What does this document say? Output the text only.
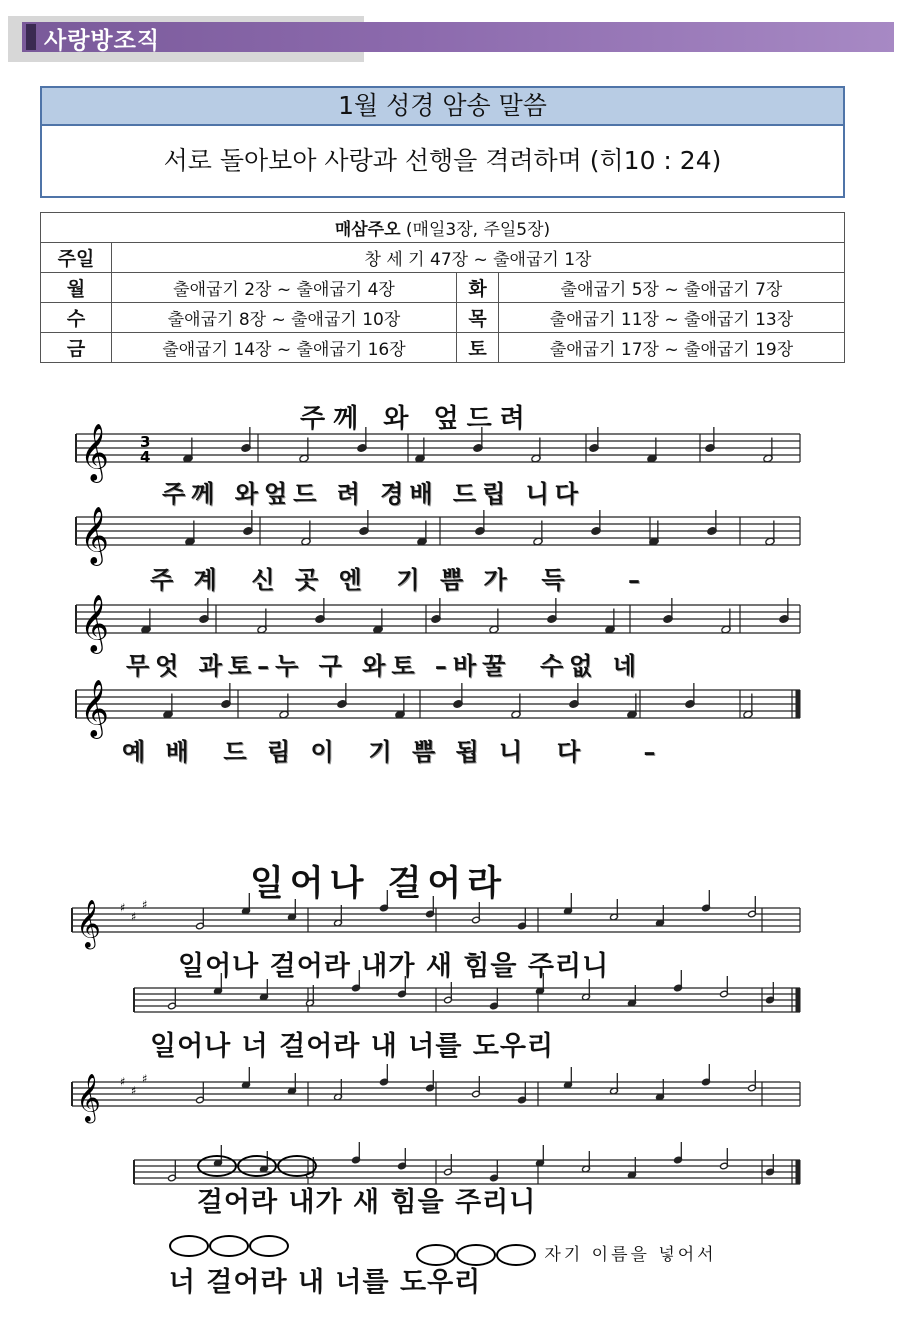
사랑방조직
1월 성경 암송 말씀
서로 돌아보아 사랑과 선행을 격려하며 (히10 : 24)
매삼주오 (매일3장, 주일5장)			
주일	창 세 기 47장 ~ 출애굽기 1장		
월	출애굽기 2장 ~ 출애굽기 4장	화	출애굽기 5장 ~ 출애굽기 7장
수	출애굽기 8장 ~ 출애굽기 10장	목	출애굽기 11장 ~ 출애굽기 13장
금	출애굽기 14장 ~ 출애굽기 16장	토	출애굽기 17장 ~ 출애굽기 19장
주께 와 엎드려
𝄞 3
4
𝄞
𝄞
𝄞
𝄞 ♯
♯
♯
𝄞 ♯
♯
♯
주께 와엎드 려 경배 드립 니다
주 계  신 곳 엔  기 쁨 가  득    –
무엇 과토–누 구 와토 –바꿀  수없 네
예 배  드 림 이  기 쁨 됩 니  다    –
일어나 걸어라
일어나 걸어라 내가 새 힘을 주리니
일어나 너 걸어라 내 너를 도우리

걸어라 내가 새 힘을 주리니

너 걸어라 내 너를 도우리

자기 이름을 넣어서
